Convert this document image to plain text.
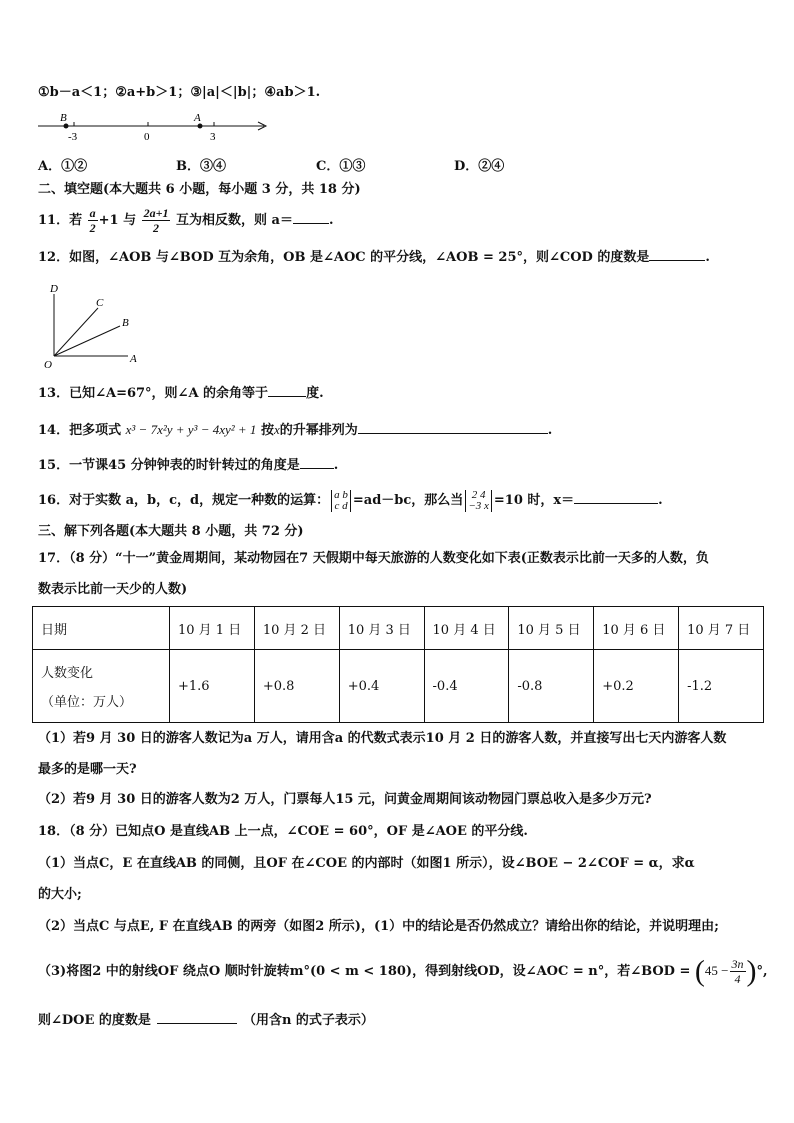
①b－a＜1；②a+b＞1；③|a|＜|b|；④ab＞1.
B	A
-3	0	3
A．①②	B．③④	C．①③	D．②④
二、填空题(本大题共 6 小题，每小题 3 分，共 18 分)
11．若 $\frac{a}{2} +1$ 与 $\frac{2a+1}{2}$ 互为相反数，则 a＝	.
12．如图，∠AOB 与∠BOD 互为余角，OB 是∠AOC 的平分线，∠AOB = 25°，则∠COD 的度数是	.
D
C
B
O	A
13．已知∠A=67°，则∠A 的余角等于	度.
14．把多项式 x³ − 7x²y + y³ − 4xy² + 1 按x的升幂排列为	.
15．一节课45 分钟钟表的时针转过的角度是	.
16．对于实数 a，b，c，d，规定一种数的运算： a b
c d =ad－bc，那么当 2 4
−3 x =10 时，x＝	.
三、解下列各题(本大题共 8 小题，共 72 分)
17．（8 分）“十一”黄金周期间，某动物园在7 天假期中每天旅游的人数变化如下表(正数表示比前一天多的人数，负
数表示比前一天少的人数)
日期	10 月 1 日	10 月 2 日	10 月 3 日	10 月 4 日	10 月 5 日	10 月 6 日	10 月 7 日

人数变化
（单位：万人）	+1.6	+0.8	+0.4	-0.4	-0.8	+0.2	-1.2
（1）若9 月 30 日的游客人数记为a 万人，请用含a 的代数式表示10 月 2 日的游客人数，并直接写出七天内游客人数
最多的是哪一天?
（2）若9 月 30 日的游客人数为2 万人，门票每人15 元，问黄金周期间该动物园门票总收入是多少万元?
18．（8 分）已知点O 是直线AB 上一点，∠COE = 60°，OF 是∠AOE 的平分线.
（1）当点C，E 在直线AB 的同侧，且OF 在∠COE 的内部时（如图1 所示），设∠BOE − 2∠COF = α，求α
的大小;
（2）当点C 与点E, F 在直线AB 的两旁（如图2 所示)，(1）中的结论是否仍然成立？请给出你的结论，并说明理由;
（3)将图2 中的射线OF 绕点O 顺时针旋转m°(0 < m < 180)，得到射线OD，设∠AOC = n°，若∠BOD = ($45 - \frac{3n}{4}$ )°,
则∠DOE 的度数是	（用含n 的式子表示）
